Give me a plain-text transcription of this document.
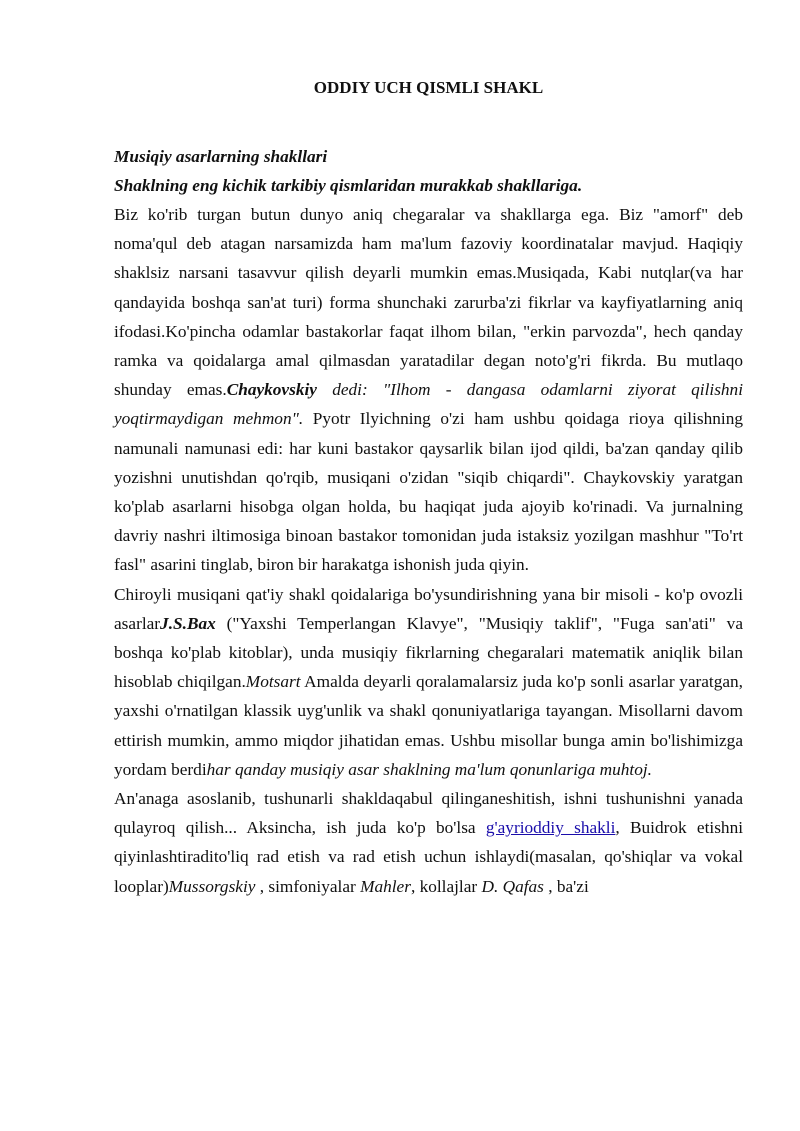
ODDIY UCH QISMLI SHAKL
Musiqiy asarlarning shakllari
Shaklning eng kichik tarkibiy qismlaridan murakkab shakllariga.

Biz ko'rib turgan butun dunyo aniq chegaralar va shakllarga ega. Biz "amorf" deb noma'qul deb atagan narsamizda ham ma'lum fazoviy koordinatalar mavjud. Haqiqiy shaklsiz narsani tasavvur qilish deyarli mumkin emas.Musiqada, Kabi nutqlar(va har qandayida boshqa san'at turi) forma shunchaki zarurba'zi fikrlar va kayfiyatlarning aniq ifodasi.Ko'pincha odamlar bastakorlar faqat ilhom bilan, "erkin parvozda", hech qanday ramka va qoidalarga amal qilmasdan yaratadilar degan noto'g'ri fikrda. Bu mutlaqo shunday emas.Chaykovskiy dedi: "Ilhom - dangasa odamlarni ziyorat qilishni yoqtirmaydigan mehmon". Pyotr Ilyichning o'zi ham ushbu qoidaga rioya qilishning namunali namunasi edi: har kuni bastakor qaysarlik bilan ijod qildi, ba'zan qanday qilib yozishni unutishdan qo'rqib, musiqani o'zidan "siqib chiqardi". Chaykovskiy yaratgan ko'plab asarlarni hisobga olgan holda, bu haqiqat juda ajoyib ko'rinadi. Va jurnalning davriy nashri iltimosiga binoan bastakor tomonidan juda istaksiz yozilgan mashhur "To'rt fasl" asarini tinglab, biron bir harakatga ishonish juda qiyin.

Chiroyli musiqani qat'iy shakl qoidalariga bo'ysundirishning yana bir misoli - ko'p ovozli asarlarJ.S.Bax ("Yaxshi Temperlangan Klavye", "Musiqiy taklif", "Fuga san'ati" va boshqa ko'plab kitoblar), unda musiqiy fikrlarning chegaralari matematik aniqlik bilan hisoblab chiqilgan.Motsart Amalda deyarli qoralamalarsiz juda ko'p sonli asarlar yaratgan, yaxshi o'rnatilgan klassik uyg'unlik va shakl qonuniyatlariga tayangan. Misollarni davom ettirish mumkin, ammo miqdor jihatidan emas. Ushbu misollar bunga amin bo'lishimizga yordam berdihar qanday musiqiy asar shaklning ma'lum qonunlariga muhtoj.

An'anaga asoslanib, tushunarli shakldaqabul qilinganeshitish, ishni tushunishni yanada qulayroq qilish... Aksincha, ish juda ko'p bo'lsa g'ayrioddiy shakli, Buidrok etishni qiyinlashtiradito'liq rad etish va rad etish uchun ishlaydi(masalan, qo'shiqlar va vokal looplar)Mussorgskiy , simfoniyalar Mahler, kollajlar D. Qafas , ba'zi
